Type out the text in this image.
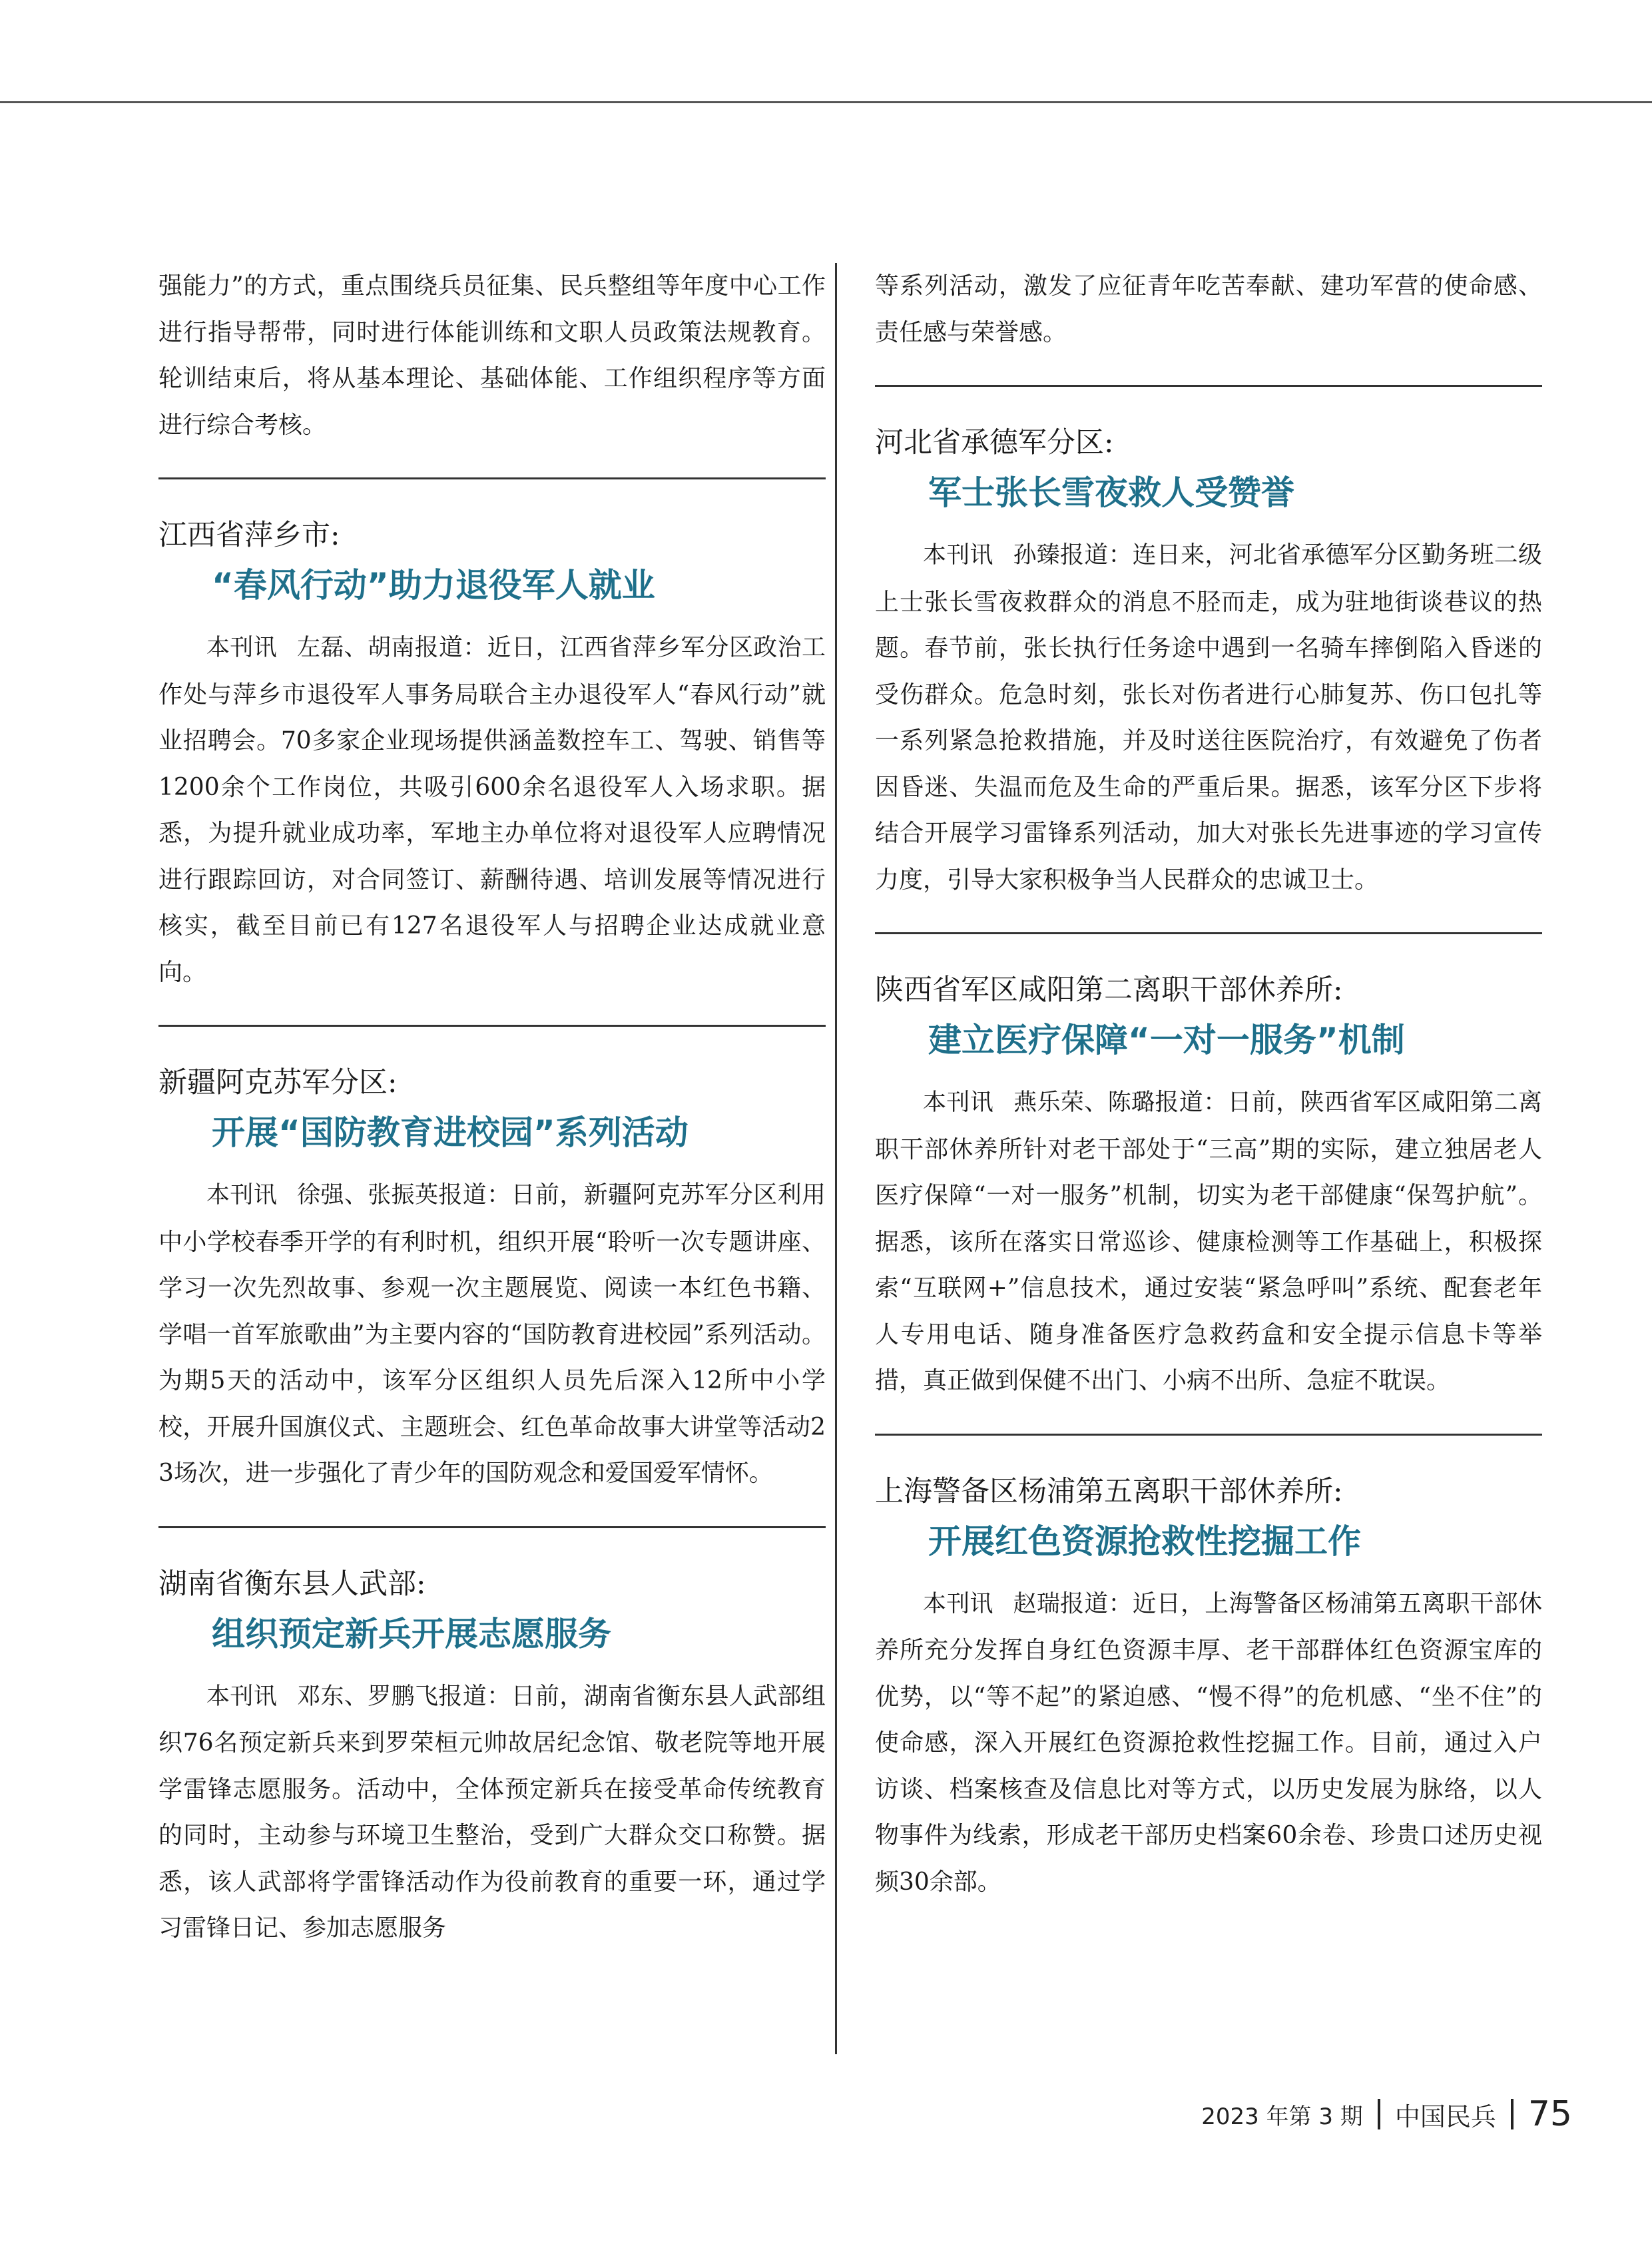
强能力”的方式，重点围绕兵员征集、民兵整组等年度中心工作进行指导帮带，同时进行体能训练和文职人员政策法规教育。轮训结束后，将从基本理论、基础体能、工作组织程序等方面进行综合考核。

江西省萍乡市:

“春风行动”助力退役军人就业

本刊讯 左磊、胡南报道：近日，江西省萍乡军分区政治工作处与萍乡市退役军人事务局联合主办退役军人“春风行动”就业招聘会。70多家企业现场提供涵盖数控车工、驾驶、销售等1200余个工作岗位，共吸引600余名退役军人入场求职。据悉，为提升就业成功率，军地主办单位将对退役军人应聘情况进行跟踪回访，对合同签订、薪酬待遇、培训发展等情况进行核实，截至目前已有127名退役军人与招聘企业达成就业意向。

新疆阿克苏军分区:

开展“国防教育进校园”系列活动

本刊讯 徐强、张振英报道：日前，新疆阿克苏军分区利用中小学校春季开学的有利时机，组织开展“聆听一次专题讲座、学习一次先烈故事、参观一次主题展览、阅读一本红色书籍、学唱一首军旅歌曲”为主要内容的“国防教育进校园”系列活动。为期5天的活动中，该军分区组织人员先后深入12所中小学校，开展升国旗仪式、主题班会、红色革命故事大讲堂等活动23场次，进一步强化了青少年的国防观念和爱国爱军情怀。

湖南省衡东县人武部:

组织预定新兵开展志愿服务

本刊讯 邓东、罗鹏飞报道：日前，湖南省衡东县人武部组织76名预定新兵来到罗荣桓元帅故居纪念馆、敬老院等地开展学雷锋志愿服务。活动中，全体预定新兵在接受革命传统教育的同时，主动参与环境卫生整治，受到广大群众交口称赞。据悉，该人武部将学雷锋活动作为役前教育的重要一环，通过学习雷锋日记、参加志愿服务

等系列活动，激发了应征青年吃苦奉献、建功军营的使命感、责任感与荣誉感。

河北省承德军分区:

军士张长雪夜救人受赞誉

本刊讯 孙臻报道：连日来，河北省承德军分区勤务班二级上士张长雪夜救群众的消息不胫而走，成为驻地街谈巷议的热题。春节前，张长执行任务途中遇到一名骑车摔倒陷入昏迷的受伤群众。危急时刻，张长对伤者进行心肺复苏、伤口包扎等一系列紧急抢救措施，并及时送往医院治疗，有效避免了伤者因昏迷、失温而危及生命的严重后果。据悉，该军分区下步将结合开展学习雷锋系列活动，加大对张长先进事迹的学习宣传力度，引导大家积极争当人民群众的忠诚卫士。

陕西省军区咸阳第二离职干部休养所:

建立医疗保障“一对一服务”机制

本刊讯 燕乐荣、陈璐报道：日前，陕西省军区咸阳第二离职干部休养所针对老干部处于“三高”期的实际，建立独居老人医疗保障“一对一服务”机制，切实为老干部健康“保驾护航”。据悉，该所在落实日常巡诊、健康检测等工作基础上，积极探索“互联网+”信息技术，通过安装“紧急呼叫”系统、配套老年人专用电话、随身准备医疗急救药盒和安全提示信息卡等举措，真正做到保健不出门、小病不出所、急症不耽误。

上海警备区杨浦第五离职干部休养所:

开展红色资源抢救性挖掘工作

本刊讯 赵瑞报道：近日，上海警备区杨浦第五离职干部休养所充分发挥自身红色资源丰厚、老干部群体红色资源宝库的优势，以“等不起”的紧迫感、“慢不得”的危机感、“坐不住”的使命感，深入开展红色资源抢救性挖掘工作。目前，通过入户访谈、档案核查及信息比对等方式，以历史发展为脉络，以人物事件为线索，形成老干部历史档案60余卷、珍贵口述历史视频30余部。

2023 年第 3 期 中国民兵 75
